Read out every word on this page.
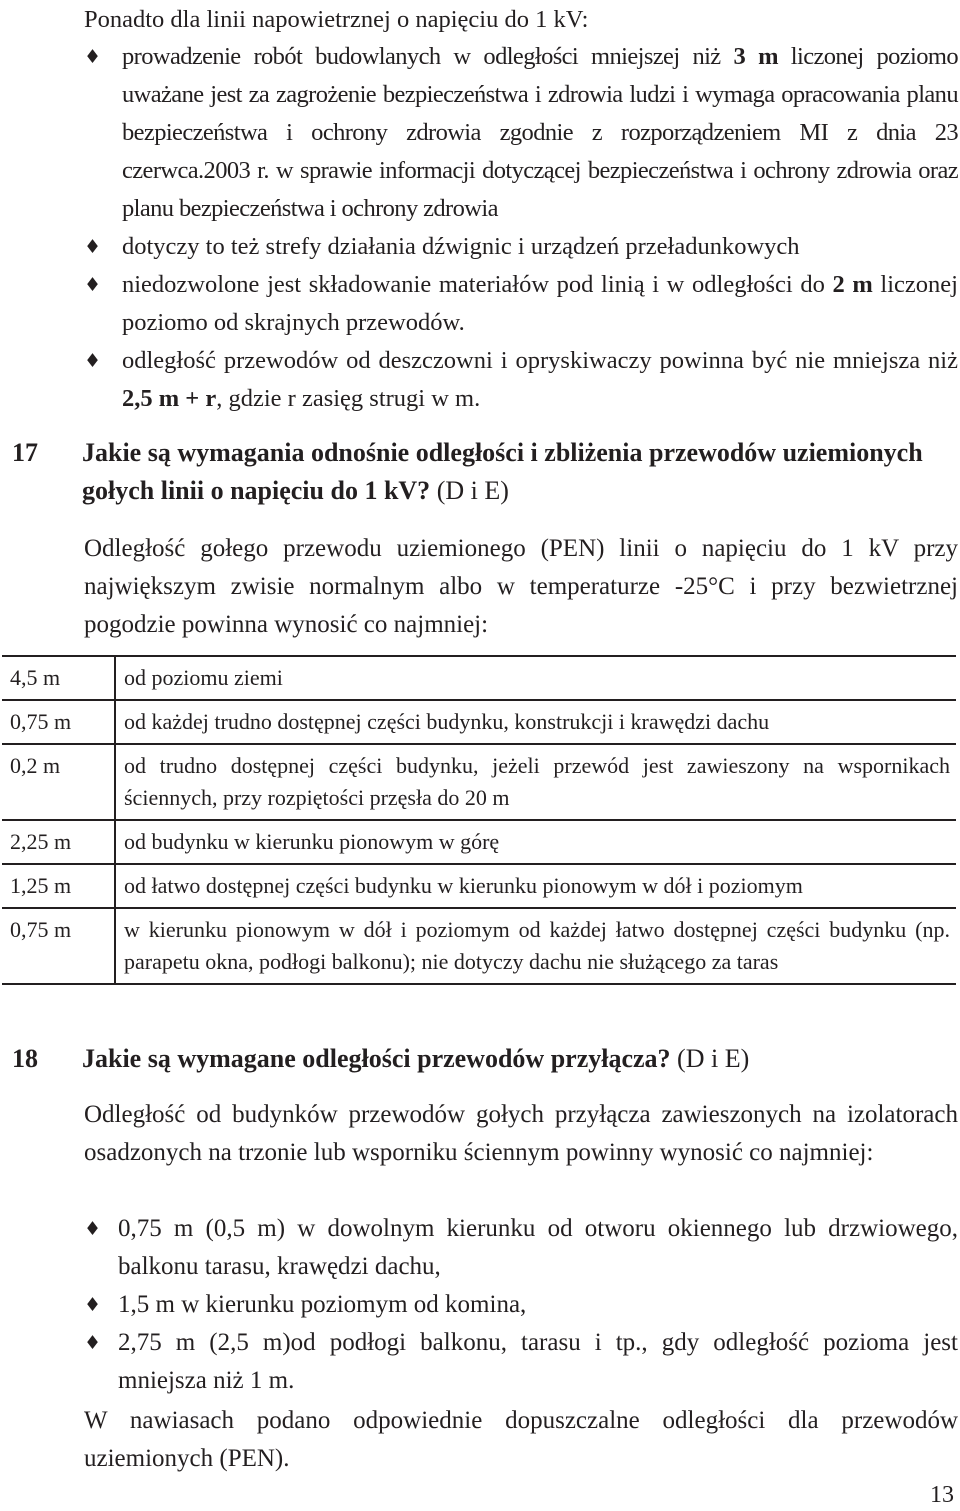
Ponadto dla linii napowietrznej o napięciu do 1 kV:
♦ prowadzenie robót budowlanych w odległości mniejszej niż 3 m liczonej poziomo uważane jest za zagrożenie bezpieczeństwa i zdrowia ludzi i wymaga opracowania planu bezpieczeństwa i ochrony zdrowia zgodnie z rozporządzeniem MI z dnia 23 czerwca.2003 r. w sprawie informacji dotyczącej bezpieczeństwa i ochrony zdrowia oraz planu bezpieczeństwa i ochrony zdrowia
♦ dotyczy to też strefy działania dźwignic i urządzeń przeładunkowych
♦ niedozwolone jest składowanie materiałów pod linią i w odległości do 2 m liczonej poziomo od skrajnych przewodów.
♦ odległość przewodów od deszczowni i opryskiwaczy powinna być nie mniejsza niż 2,5 m + r, gdzie r zasięg strugi w m.
17 Jakie są wymagania odnośnie odległości i zbliżenia przewodów uziemionych gołych linii o napięciu do 1 kV? (D i E)
Odległość gołego przewodu uziemionego (PEN) linii o napięciu do 1 kV przy największym zwisie normalnym albo w temperaturze -25°C i przy bezwietrznej pogodzie powinna wynosić co najmniej:
4,5 m	od poziomu ziemi
0,75 m	od każdej trudno dostępnej części budynku, konstrukcji i krawędzi dachu
0,2 m	od trudno dostępnej części budynku, jeżeli przewód jest zawieszony na wspornikach ściennych, przy rozpiętości przęsła do 20 m
2,25 m	od budynku w kierunku pionowym w górę
1,25 m	od łatwo dostępnej części budynku w kierunku pionowym w dół i poziomym
0,75 m	w kierunku pionowym w dół i poziomym od każdej łatwo dostępnej części budynku (np. parapetu okna, podłogi balkonu); nie dotyczy dachu nie służącego za taras
18 Jakie są wymagane odległości przewodów przyłącza? (D i E)
Odległość od budynków przewodów gołych przyłącza zawieszonych na izolatorach osadzonych na trzonie lub wsporniku ściennym powinny wynosić co najmniej:
♦ 0,75 m (0,5 m) w dowolnym kierunku od otworu okiennego lub drzwiowego, balkonu tarasu, krawędzi dachu,
♦ 1,5 m w kierunku poziomym od komina,
♦ 2,75 m (2,5 m)od podłogi balkonu, tarasu i tp., gdy odległość pozioma jest mniejsza niż 1 m.
W nawiasach podano odpowiednie dopuszczalne odległości dla przewodów uziemionych (PEN).
13
